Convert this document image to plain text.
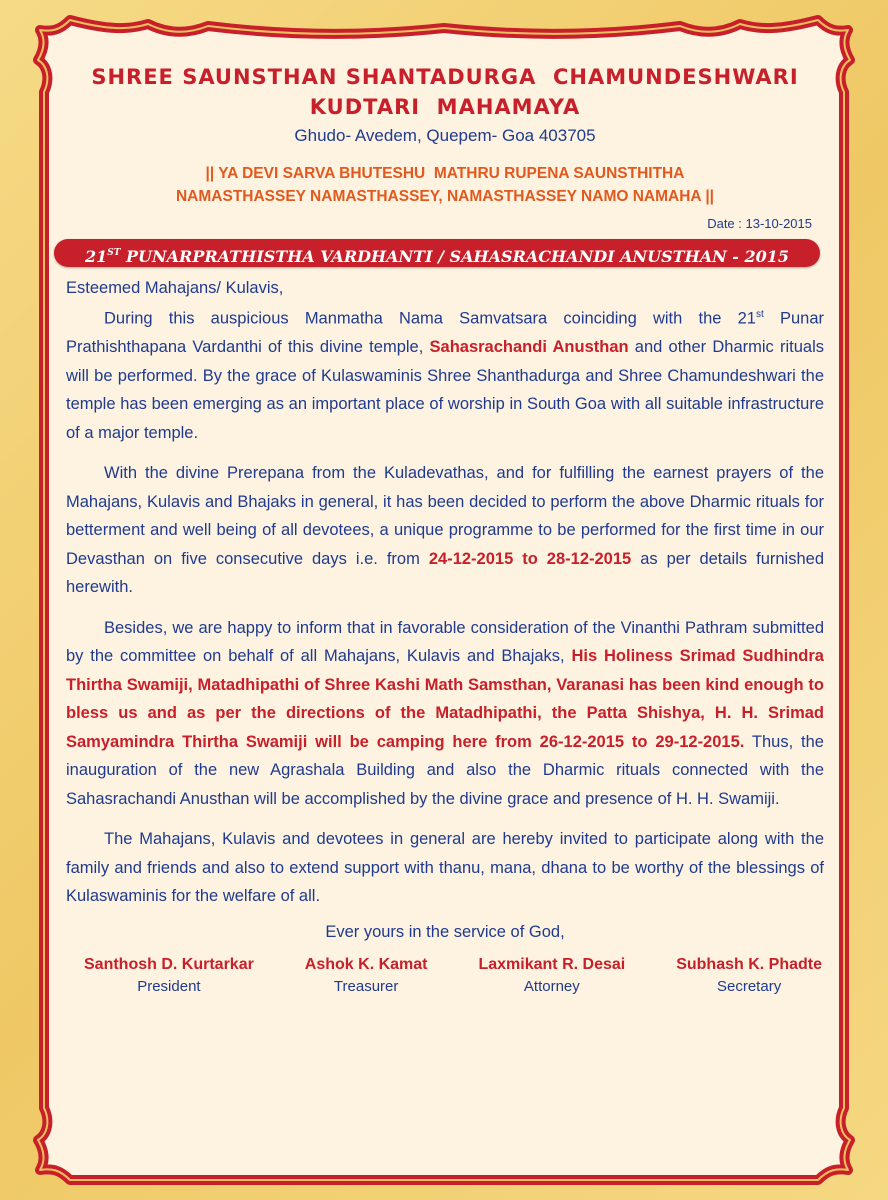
SHREE SAUNSTHAN SHANTADURGA  CHAMUNDESHWARI
KUDTARI  MAHAMAYA
Ghudo- Avedem, Quepem- Goa 403705
|| YA DEVI SARVA BHUTESHU  MATHRU RUPENA SAUNSTHITHA
NAMASTHASSEY NAMASTHASSEY, NAMASTHASSEY NAMO NAMAHA ||
Date : 13-10-2015
21ST PUNARPRATHISTHA VARDHANTI / SAHASRACHANDI ANUSTHAN - 2015
Esteemed Mahajans/ Kulavis,

During this auspicious Manmatha Nama Samvatsara coinciding with the 21st Punar Prathishthapana Vardanthi of this divine temple, Sahasrachandi Anusthan and other Dharmic rituals will be performed. By the grace of Kulaswaminis Shree Shanthadurga and Shree Chamundeshwari the temple has been emerging as an important place of worship in South Goa with all suitable infrastructure of a major temple.

With the divine Prerepana from the Kuladevathas, and for fulfilling the earnest prayers of the Mahajans, Kulavis and Bhajaks in general, it has been decided to perform the above Dharmic rituals for betterment and well being of all devotees, a unique programme to be performed for the first time in our Devasthan on five consecutive days i.e. from 24-12-2015 to 28-12-2015 as per details furnished herewith.

Besides, we are happy to inform that in favorable consideration of the Vinanthi Pathram submitted by the committee on behalf of all Mahajans, Kulavis and Bhajaks, His Holiness Srimad Sudhindra Thirtha Swamiji, Matadhipathi of Shree Kashi Math Samsthan, Varanasi has been kind enough to bless us and as per the directions of the Matadhipathi, the Patta Shishya, H. H. Srimad Samyamindra Thirtha Swamiji will be camping here from 26-12-2015 to 29-12-2015. Thus, the inauguration of the new Agrashala Building and also the Dharmic rituals connected with the Sahasrachandi Anusthan will be accomplished by the divine grace and presence of H. H. Swamiji.

The Mahajans, Kulavis and devotees in general are hereby invited to participate along with the family and friends and also to extend support with thanu, mana, dhana to be worthy of the blessings of Kulaswaminis for the welfare of all.

Ever yours in the service of God,
Santhosh D. Kurtarkar
President
Ashok K. Kamat
Treasurer
Laxmikant R. Desai
Attorney
Subhash K. Phadte
Secretary
